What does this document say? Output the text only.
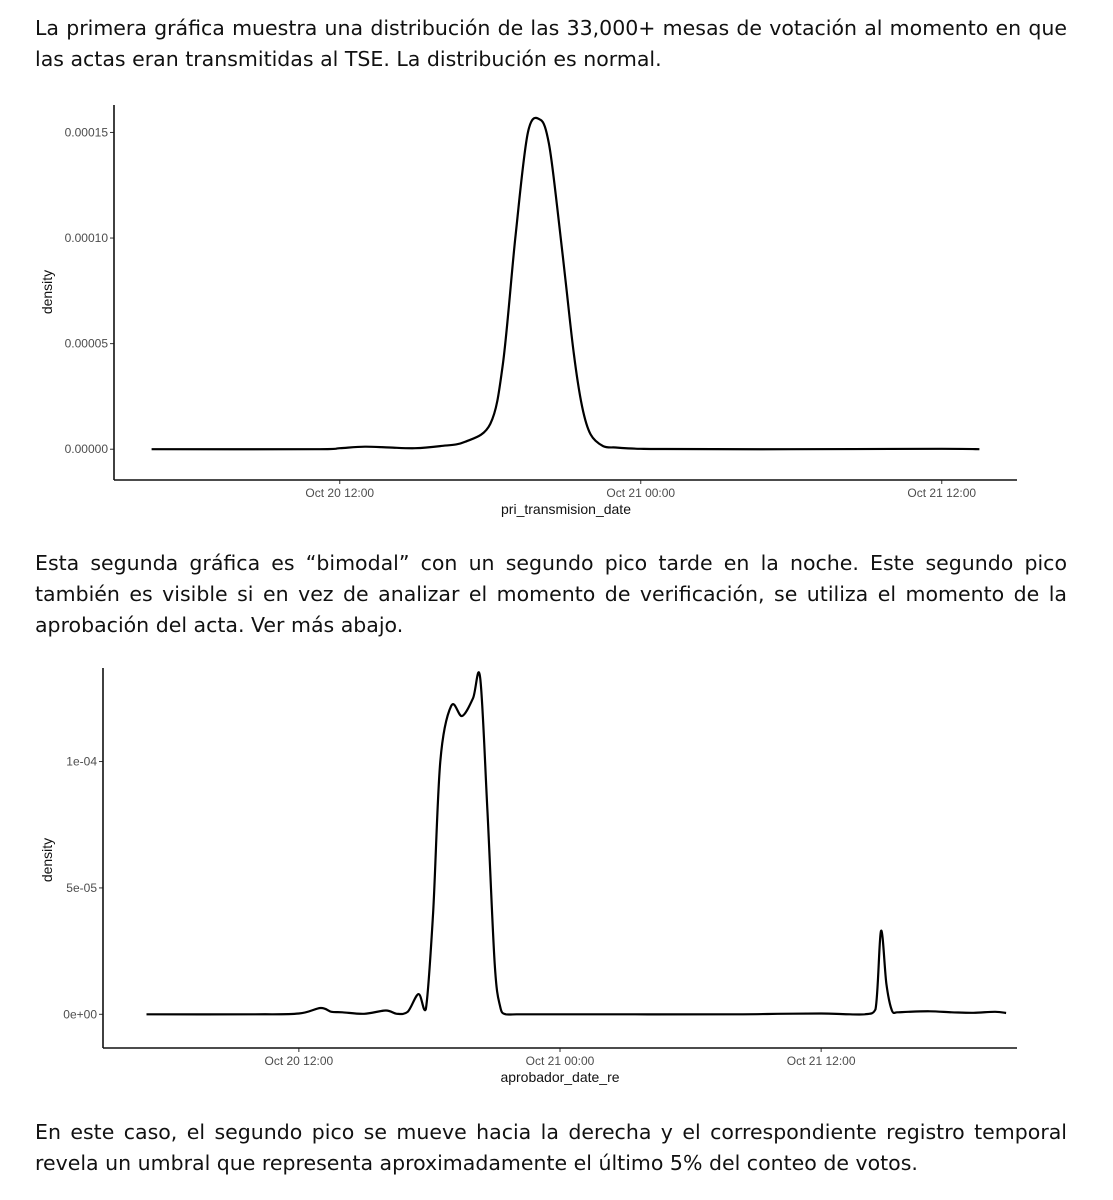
La primera gráfica muestra una distribución de las 33,000+ mesas de votación al momento en que las actas eran transmitidas al TSE. La distribución es normal.

0.00000
0.00005
0.00010
0.00015
Oct 20 12:00	Oct 21 00:00	Oct 21 12:00
pri_transmision_date
density

Esta segunda gráfica es “bimodal” con un segundo pico tarde en la noche. Este segundo pico también es visible si en vez de analizar el momento de verificación, se utiliza el momento de la aprobación del acta. Ver más abajo.

0e+00
5e-05
1e-04
Oct 20 12:00	Oct 21 00:00	Oct 21 12:00
aprobador_date_re
density

En este caso, el segundo pico se mueve hacia la derecha y el correspondiente registro temporal revela un umbral que representa aproximadamente el último 5% del conteo de votos.
